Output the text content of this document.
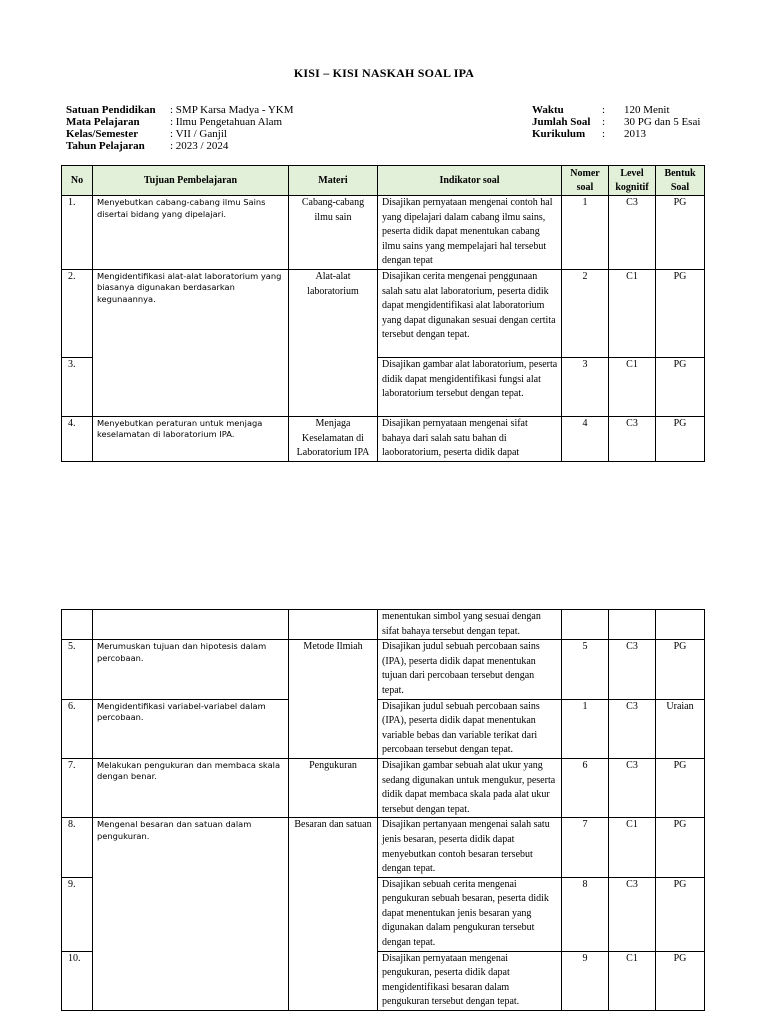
KISI – KISI NASKAH SOAL IPA
Satuan Pendidikan	: SMP Karsa Madya - YKM
Mata Pelajaran	: Ilmu Pengetahuan Alam
Kelas/Semester	: VII / Ganjil
Tahun Pelajaran	: 2023 / 2024
Waktu	:	120 Menit
Jumlah Soal	:	30 PG dan 5 Esai
Kurikulum	:	2013
No	Tujuan Pembelajaran	Materi	Indikator soal	Nomer soal	Level kognitif	Bentuk Soal
1.	Menyebutkan cabang-cabang ilmu Sains disertai bidang yang dipelajari.	Cabang-cabang ilmu sain	Disajikan pernyataan mengenai contoh hal yang dipelajari dalam cabang ilmu sains, peserta didik dapat menentukan cabang ilmu sains yang mempelajari hal tersebut dengan tepat	1	C3	PG
2.	Mengidentifikasi alat-alat laboratorium yang biasanya digunakan berdasarkan kegunaannya.	Alat-alat laboratorium	Disajikan cerita mengenai penggunaan salah satu alat laboratorium, peserta didik dapat mengidentifikasi alat laboratorium yang dapat digunakan sesuai dengan certita tersebut dengan tepat.	2	C1	PG
3.			Disajikan gambar alat laboratorium, peserta didik dapat mengidentifikasi fungsi alat laboratorium tersebut dengan tepat.	3	C1	PG
4.	Menyebutkan peraturan untuk menjaga keselamatan di laboratorium IPA.	Menjaga Keselamatan di Laboratorium IPA	Disajikan pernyataan mengenai sifat bahaya dari salah satu bahan di laoboratorium, peserta didik dapat	4	C3	PG
			menentukan simbol yang sesuai dengan sifat bahaya tersebut dengan tepat.			
5.	Merumuskan tujuan dan hipotesis dalam percobaan.	Metode Ilmiah	Disajikan judul sebuah percobaan sains (IPA), peserta didik dapat menentukan tujuan dari percobaan tersebut dengan tepat.	5	C3	PG
6.	Mengidentifikasi variabel-variabel dalam percobaan.		Disajikan judul sebuah percobaan sains (IPA), peserta didik dapat menentukan variable bebas dan variable terikat dari percobaan tersebut dengan tepat.	1	C3	Uraian
7.	Melakukan pengukuran dan membaca skala dengan benar.	Pengukuran	Disajikan gambar sebuah alat ukur yang sedang digunakan untuk mengukur, peserta didik dapat membaca skala pada alat ukur tersebut dengan tepat.	6	C3	PG
8.	Mengenal besaran dan satuan dalam pengukuran.	Besaran dan satuan	Disajikan pertanyaan mengenai salah satu jenis besaran, peserta didik dapat menyebutkan contoh besaran tersebut dengan tepat.	7	C1	PG
9.			Disajikan sebuah cerita mengenai pengukuran sebuah besaran, peserta didik dapat menentukan jenis besaran yang digunakan dalam pengukuran tersebut dengan tepat.	8	C3	PG
10.			Disajikan pernyataan mengenai pengukuran, peserta didik dapat mengidentifikasi besaran dalam pengukuran tersebut dengan tepat.	9	C1	PG
